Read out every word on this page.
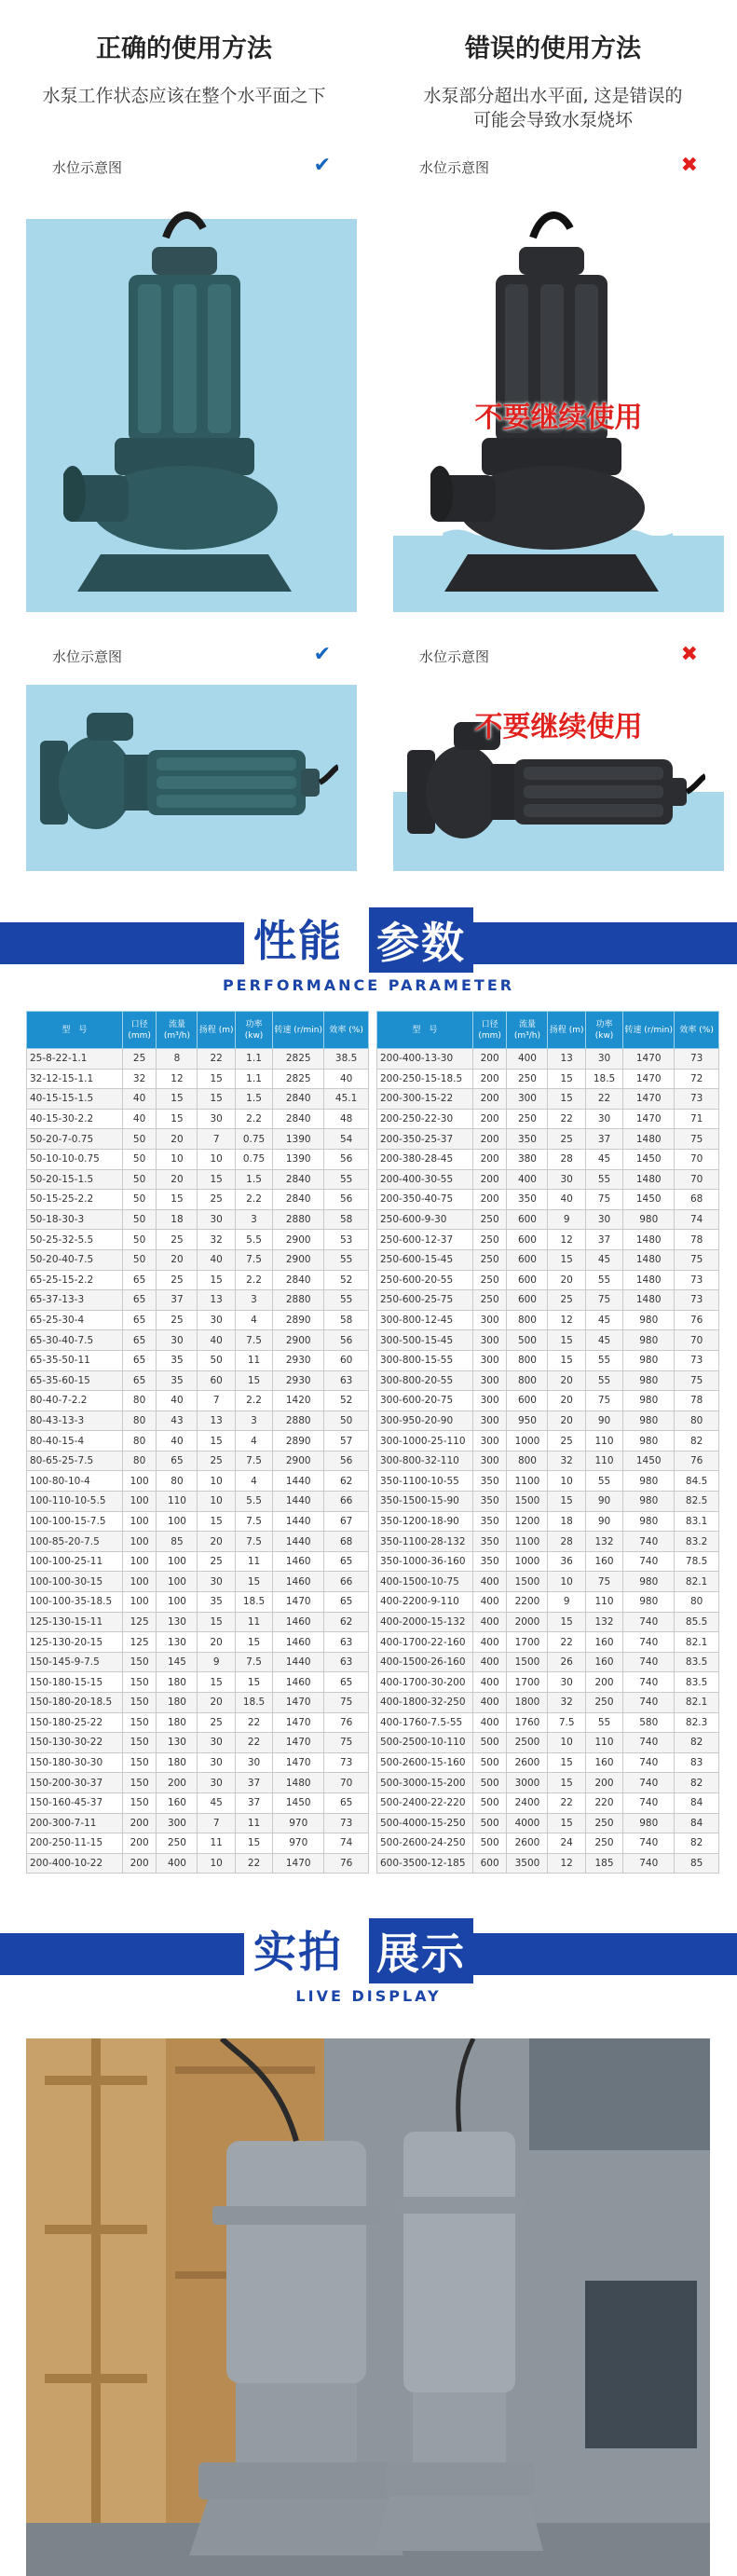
正确的使用方法	错误的使用方法
水泵工作状态应该在整个水平面之下	水泵部分超出水平面, 这是错误的
可能会导致水泵烧坏
水位示意图	✔	水位示意图	✖
不要继续使用
水位示意图	✔	水位示意图	✖
不要继续使用
性能 参数
PERFORMANCE PARAMETER
型　号	口径 (mm)	流量 (m³/h)	扬程 (m)	功率 (kw)	转速 (r/min)	效率 (%)
25-8-22-1.1	25	8	22	1.1	2825	38.5
32-12-15-1.1	32	12	15	1.1	2825	40
40-15-15-1.5	40	15	15	1.5	2840	45.1
40-15-30-2.2	40	15	30	2.2	2840	48
50-20-7-0.75	50	20	7	0.75	1390	54
50-10-10-0.75	50	10	10	0.75	1390	56
50-20-15-1.5	50	20	15	1.5	2840	55
50-15-25-2.2	50	15	25	2.2	2840	56
50-18-30-3	50	18	30	3	2880	58
50-25-32-5.5	50	25	32	5.5	2900	53
50-20-40-7.5	50	20	40	7.5	2900	55
65-25-15-2.2	65	25	15	2.2	2840	52
65-37-13-3	65	37	13	3	2880	55
65-25-30-4	65	25	30	4	2890	58
65-30-40-7.5	65	30	40	7.5	2900	56
65-35-50-11	65	35	50	11	2930	60
65-35-60-15	65	35	60	15	2930	63
80-40-7-2.2	80	40	7	2.2	1420	52
80-43-13-3	80	43	13	3	2880	50
80-40-15-4	80	40	15	4	2890	57
80-65-25-7.5	80	65	25	7.5	2900	56
100-80-10-4	100	80	10	4	1440	62
100-110-10-5.5	100	110	10	5.5	1440	66
100-100-15-7.5	100	100	15	7.5	1440	67
100-85-20-7.5	100	85	20	7.5	1440	68
100-100-25-11	100	100	25	11	1460	65
100-100-30-15	100	100	30	15	1460	66
100-100-35-18.5	100	100	35	18.5	1470	65
125-130-15-11	125	130	15	11	1460	62
125-130-20-15	125	130	20	15	1460	63
150-145-9-7.5	150	145	9	7.5	1440	63
150-180-15-15	150	180	15	15	1460	65
150-180-20-18.5	150	180	20	18.5	1470	75
150-180-25-22	150	180	25	22	1470	76
150-130-30-22	150	130	30	22	1470	75
150-180-30-30	150	180	30	30	1470	73
150-200-30-37	150	200	30	37	1480	70
150-160-45-37	150	160	45	37	1450	65
200-300-7-11	200	300	7	11	970	73
200-250-11-15	200	250	11	15	970	74
200-400-10-22	200	400	10	22	1470	76
型　号	口径 (mm)	流量 (m³/h)	扬程 (m)	功率 (kw)	转速 (r/min)	效率 (%)
200-400-13-30	200	400	13	30	1470	73
200-250-15-18.5	200	250	15	18.5	1470	72
200-300-15-22	200	300	15	22	1470	73
200-250-22-30	200	250	22	30	1470	71
200-350-25-37	200	350	25	37	1480	75
200-380-28-45	200	380	28	45	1450	70
200-400-30-55	200	400	30	55	1480	70
200-350-40-75	200	350	40	75	1450	68
250-600-9-30	250	600	9	30	980	74
250-600-12-37	250	600	12	37	1480	78
250-600-15-45	250	600	15	45	1480	75
250-600-20-55	250	600	20	55	1480	73
250-600-25-75	250	600	25	75	1480	73
300-800-12-45	300	800	12	45	980	76
300-500-15-45	300	500	15	45	980	70
300-800-15-55	300	800	15	55	980	73
300-800-20-55	300	800	20	55	980	75
300-600-20-75	300	600	20	75	980	78
300-950-20-90	300	950	20	90	980	80
300-1000-25-110	300	1000	25	110	980	82
300-800-32-110	300	800	32	110	1450	76
350-1100-10-55	350	1100	10	55	980	84.5
350-1500-15-90	350	1500	15	90	980	82.5
350-1200-18-90	350	1200	18	90	980	83.1
350-1100-28-132	350	1100	28	132	740	83.2
350-1000-36-160	350	1000	36	160	740	78.5
400-1500-10-75	400	1500	10	75	980	82.1
400-2200-9-110	400	2200	9	110	980	80
400-2000-15-132	400	2000	15	132	740	85.5
400-1700-22-160	400	1700	22	160	740	82.1
400-1500-26-160	400	1500	26	160	740	83.5
400-1700-30-200	400	1700	30	200	740	83.5
400-1800-32-250	400	1800	32	250	740	82.1
400-1760-7.5-55	400	1760	7.5	55	580	82.3
500-2500-10-110	500	2500	10	110	740	82
500-2600-15-160	500	2600	15	160	740	83
500-3000-15-200	500	3000	15	200	740	82
500-2400-22-220	500	2400	22	220	740	84
500-4000-15-250	500	4000	15	250	980	84
500-2600-24-250	500	2600	24	250	740	82
600-3500-12-185	600	3500	12	185	740	85
实拍 展示
LIVE DISPLAY
